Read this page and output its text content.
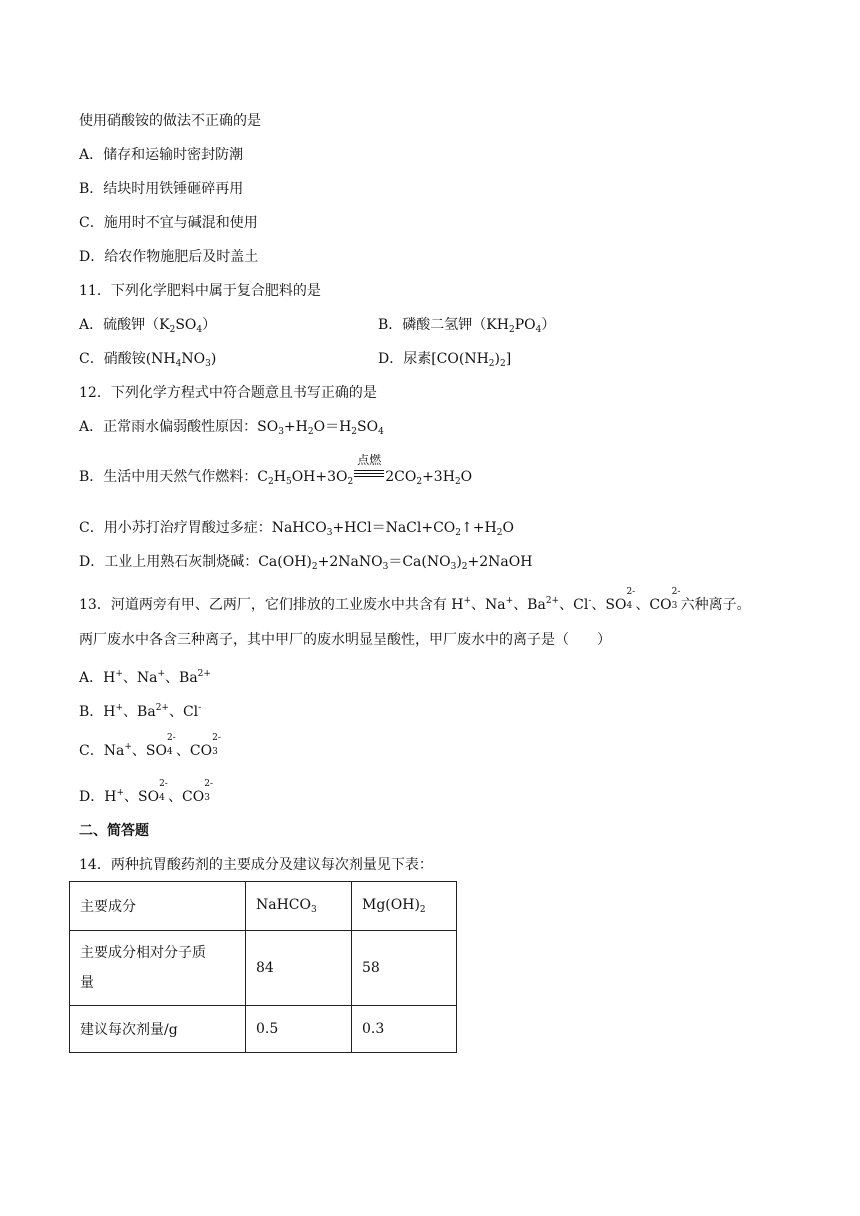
使用硝酸铵的做法不正确的是
A．储存和运输时密封防潮
B．结块时用铁锤砸碎再用
C．施用时不宜与碱混和使用
D．给农作物施肥后及时盖土
11．下列化学肥料中属于复合肥料的是
A．硫酸钾$(K_2SO_4)$	B．磷酸二氢钾$(KH_2PO_4)$
C．硝酸铵$(NH_4NO_3)$	D．尿素$[CO(NH_2)_2]$
12．下列化学方程式中符合题意且书写正确的是
A．正常雨水偏弱酸性原因：$SO_3+H_2O=H_2SO_4$
B．生活中用天然气作燃料：$C_2H_5OH+3O_2$
点燃
$2CO_2+3H_2O$
C．用小苏打治疗胃酸过多症：$NaHCO_3+HCl=NaCl+CO_2↑+H_2O$
D．工业上用熟石灰制烧碱：$Ca(OH)_2+2NaNO_3=Ca(NO_3)_2+2NaOH$
13．河道两旁有甲、乙两厂，它们排放的工业废水中共含有 H+、Na+、$Ba^{2+}$、Cl-、SO
2-
4 、CO
2-
3 六种离子。
两厂废水中各含三种离子，其中甲厂的废水明显呈酸性，甲厂废水中的离子是（　　）
A．H+、Na+、$Ba^{2+}$
B．H+、$Ba^{2+}$、Cl-
C．Na+、SO
2-
4 、CO
2-
3
D．H+、SO
2-
4 、CO
2-
3
二、简答题
14．两种抗胃酸药剂的主要成分及建议每次剂量见下表：
主要成分	NaHCO$_3$	$Mg(OH)_2$
主要成分相对分子质
量	84	58
建议每次剂量/g	0.5	0.3
